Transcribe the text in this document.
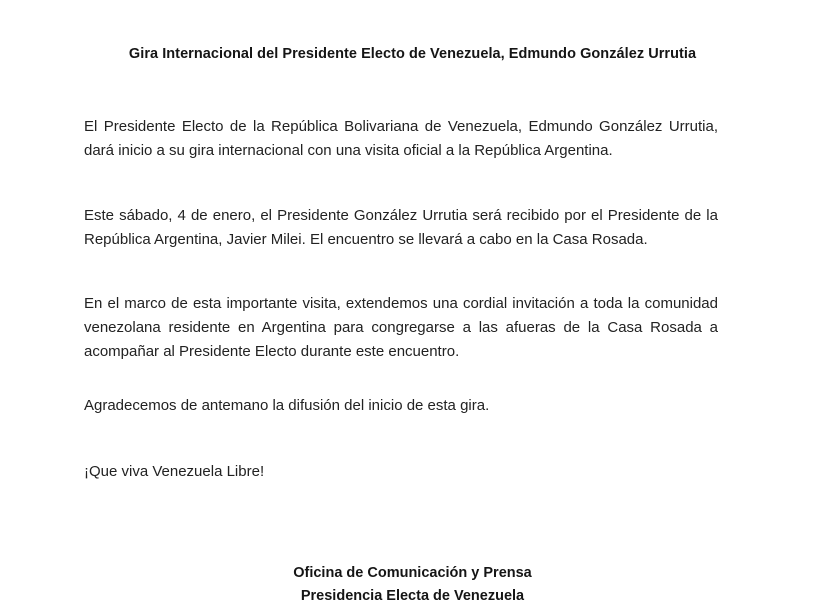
Gira Internacional del Presidente Electo de Venezuela, Edmundo González Urrutia
El Presidente Electo de la República Bolivariana de Venezuela, Edmundo González Urrutia, dará inicio a su gira internacional con una visita oficial a la República Argentina.
Este sábado, 4 de enero, el Presidente González Urrutia será recibido por el Presidente de la República Argentina, Javier Milei. El encuentro se llevará a cabo en la Casa Rosada.
En el marco de esta importante visita, extendemos una cordial invitación a toda la comunidad venezolana residente en Argentina para congregarse a las afueras de la Casa Rosada a acompañar al Presidente Electo durante este encuentro.
Agradecemos de antemano la difusión del inicio de esta gira.
¡Que viva Venezuela Libre!
Oficina de Comunicación y Prensa
Presidencia Electa de Venezuela
